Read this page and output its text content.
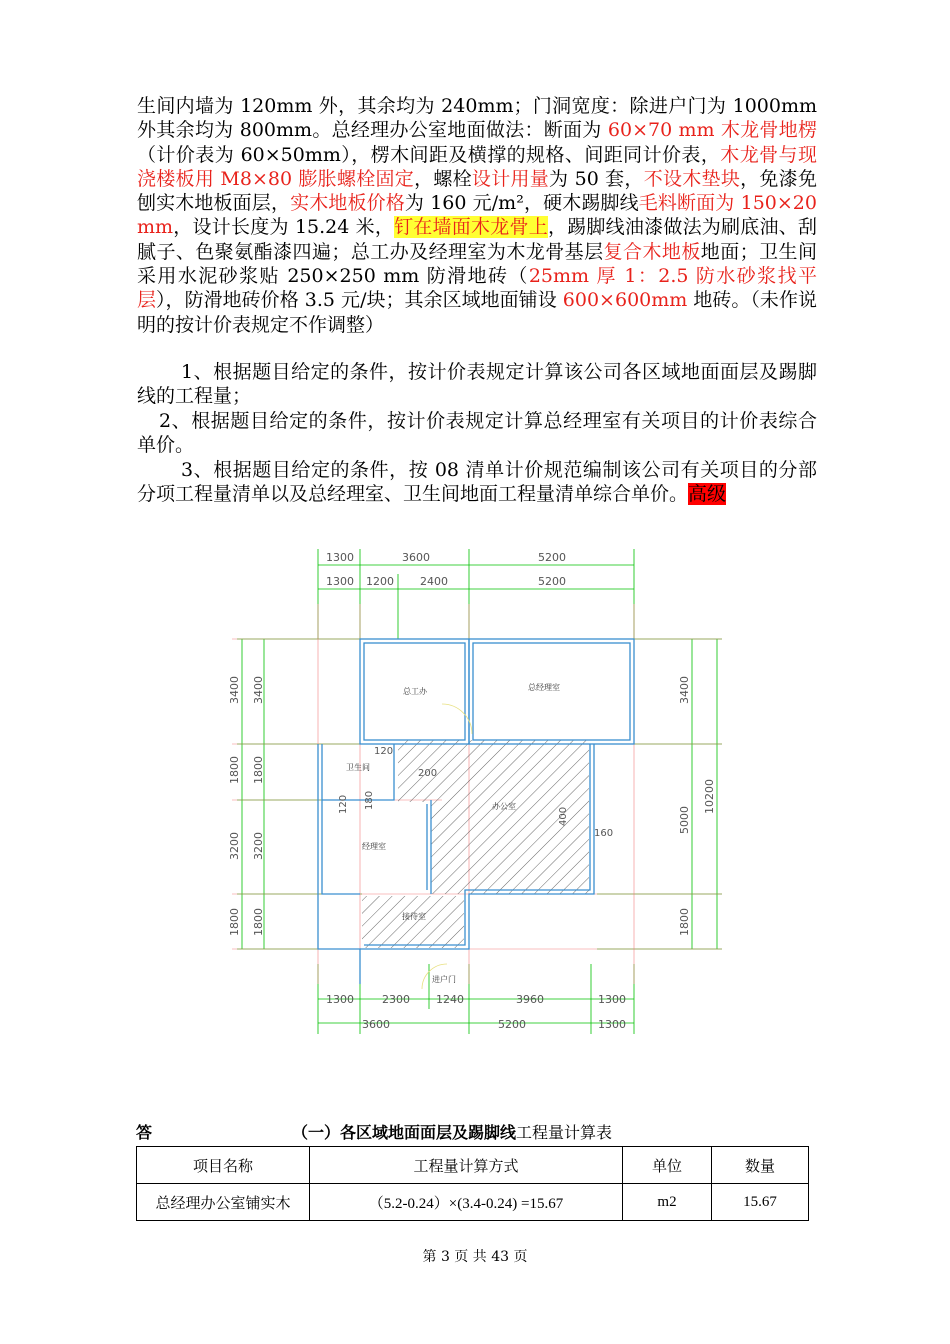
生间内墙为 120mm 外，其余均为 240mm；门洞宽度：除进户门为 1000mm 外其余均为 800mm。总经理办公室地面做法：断面为 60×70 mm 木龙骨地楞（计价表为 60×50mm），楞木间距及横撑的规格、间距同计价表，木龙骨与现浇楼板用 M8×80 膨胀螺栓固定，螺栓设计用量为 50 套，不设木垫块，免漆免刨实木地板面层，实木地板价格为 160 元/m²，硬木踢脚线毛料断面为 150×20 mm，设计长度为 15.24 米，钉在墙面木龙骨上，踢脚线油漆做法为刷底油、刮腻子、色聚氨酯漆四遍；总工办及经理室为木龙骨基层复合木地板地面；卫生间采用水泥砂浆贴 250×250 mm 防滑地砖（25mm 厚 1：2.5 防水砂浆找平层），防滑地砖价格 3.5 元/块；其余区域地面铺设 600×600mm 地砖。（未作说明的按计价表规定不作调整）
1、根据题目给定的条件，按计价表规定计算该公司各区域地面面层及踢脚线的工程量；
2、根据题目给定的条件，按计价表规定计算总经理室有关项目的计价表综合单价。
3、根据题目给定的条件，按 08 清单计价规范编制该公司有关项目的分部分项工程量清单以及总经理室、卫生间地面工程量清单综合单价。高级
1300	3600	5200
1300 1200 2400	5200
1300	2300 1240	3960	1300
3600	5200	1300
3400 3400
1800 1800
3200 3200
1800 1800
3400
5000
1800
10200
总工办	总经理室
卫生间
办公室
经理室
接待室
进户门
120
200
120 180
400
160
答	（一）各区域地面面层及踢脚线工程量计算表
项目名称	工程量计算方式	单位	数量
总经理办公室铺实木	（5.2-0.24）×(3.4-0.24) =15.67	m2	15.67
第 3 页 共 43 页
